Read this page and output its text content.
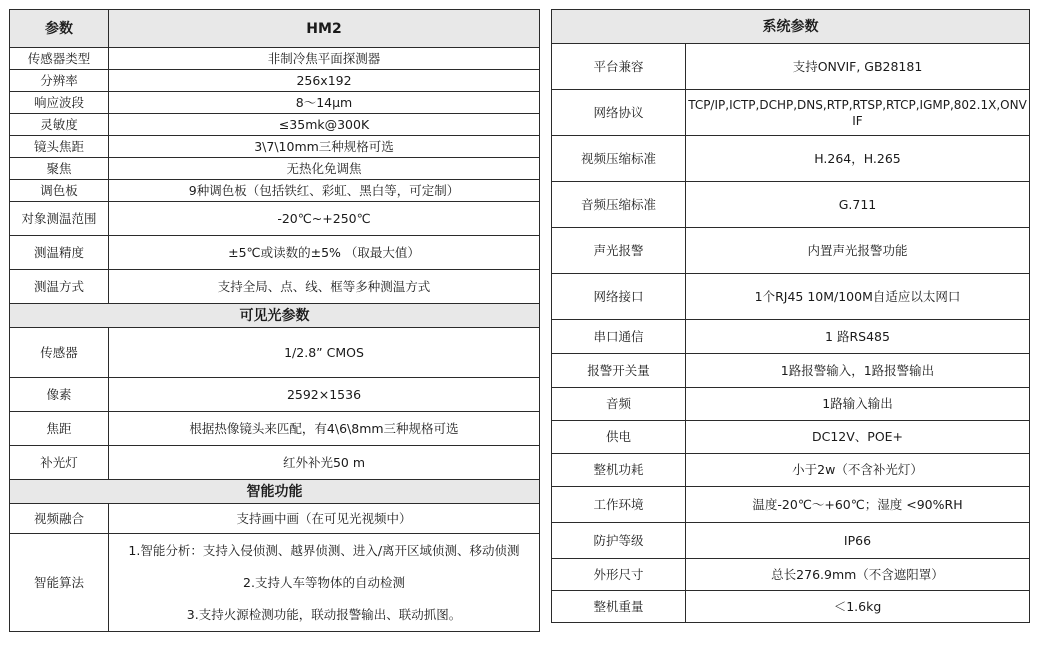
参数	HM2
传感器类型	非制冷焦平面探测器
分辨率	256x192
响应波段	8～14μm
灵敏度	≤35mk@300K
镜头焦距	3\7\10mm三种规格可选
聚焦	无热化免调焦
调色板	9种调色板（包括铁红、彩虹、黑白等，可定制）
对象测温范围	-20℃~+250℃
测温精度	±5℃或读数的±5% （取最大值）
测温方式	支持全局、点、线、框等多种测温方式
可见光参数	
传感器	1/2.8” CMOS
像素	2592×1536
焦距	根据热像镜头来匹配，有4\6\8mm三种规格可选
补光灯	红外补光50 m
智能功能	
视频融合	支持画中画（在可见光视频中）
智能算法	1.智能分析：支持入侵侦测、越界侦测、进入/离开区域侦测、移动侦测
2.支持人车等物体的自动检测
3.支持火源检测功能，联动报警输出、联动抓图。
系统参数	
平台兼容	支持ONVIF, GB28181
网络协议	TCP/IP,ICTP,DCHP,DNS,RTP,RTSP,RTCP,IGMP,802.1X,ONVIF
视频压缩标准	H.264，H.265
音频压缩标准	G.711
声光报警	内置声光报警功能
网络接口	1个RJ45 10M/100M自适应以太网口
串口通信	1 路RS485
报警开关量	1路报警输入，1路报警输出
音频	1路输入输出
供电	DC12V、POE+
整机功耗	小于2w（不含补光灯）
工作环境	温度-20℃～+60℃；湿度 <90%RH
防护等级	IP66
外形尺寸	总长276.9mm（不含遮阳罩）
整机重量	＜1.6kg
